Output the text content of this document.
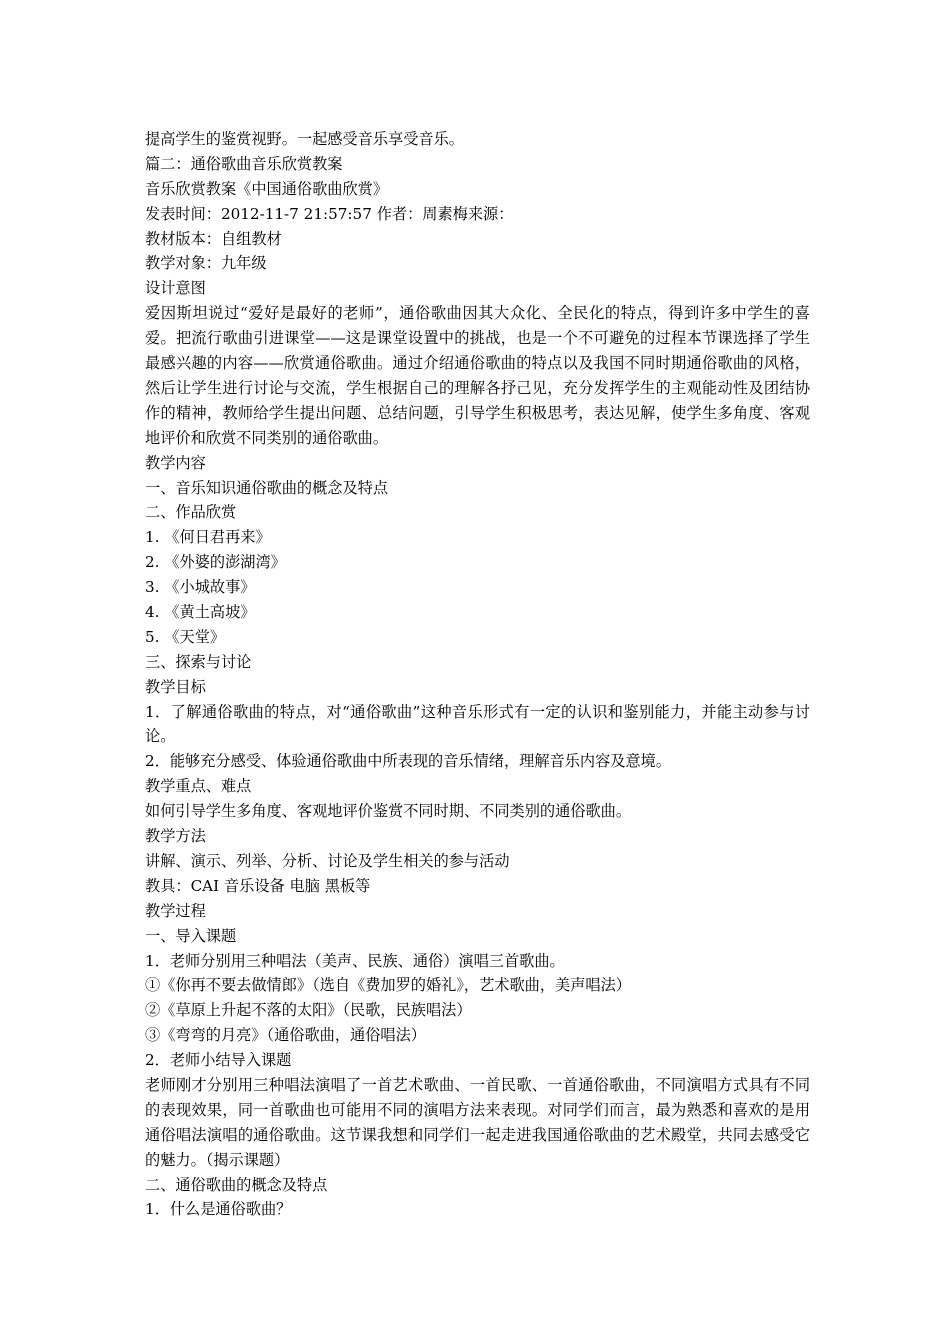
提高学生的鉴赏视野。一起感受音乐享受音乐。
篇二：通俗歌曲音乐欣赏教案
音乐欣赏教案《中国通俗歌曲欣赏》
发表时间：2012-11-7 21:57:57 作者：周素梅来源：
教材版本：自组教材
教学对象：九年级
设计意图
爱因斯坦说过“爱好是最好的老师”，通俗歌曲因其大众化、全民化的特点，得到许多中学生的喜爱。把流行歌曲引进课堂——这是课堂设置中的挑战，也是一个不可避免的过程本节课选择了学生最感兴趣的内容——欣赏通俗歌曲。通过介绍通俗歌曲的特点以及我国不同时期通俗歌曲的风格，然后让学生进行讨论与交流，学生根据自己的理解各抒己见，充分发挥学生的主观能动性及团结协作的精神，教师给学生提出问题、总结问题，引导学生积极思考，表达见解，使学生多角度、客观地评价和欣赏不同类别的通俗歌曲。
教学内容
一、音乐知识通俗歌曲的概念及特点
二、作品欣赏
1. 《何日君再来》
2. 《外婆的澎湖湾》
3. 《小城故事》
4. 《黄土高坡》
5. 《天堂》
三、探索与讨论
教学目标
1．了解通俗歌曲的特点，对“通俗歌曲”这种音乐形式有一定的认识和鉴别能力，并能主动参与讨论。
2．能够充分感受、体验通俗歌曲中所表现的音乐情绪，理解音乐内容及意境。
教学重点、难点
如何引导学生多角度、客观地评价鉴赏不同时期、不同类别的通俗歌曲。
教学方法
讲解、演示、列举、分析、讨论及学生相关的参与活动
教具：CAI 音乐设备 电脑 黑板等
教学过程
一、导入课题
1．老师分别用三种唱法（美声、民族、通俗）演唱三首歌曲。
①《你再不要去做情郎》（选自《费加罗的婚礼》，艺术歌曲，美声唱法）
②《草原上升起不落的太阳》（民歌，民族唱法）
③《弯弯的月亮》（通俗歌曲，通俗唱法）
2．老师小结导入课题
老师刚才分别用三种唱法演唱了一首艺术歌曲、一首民歌、一首通俗歌曲，不同演唱方式具有不同的表现效果，同一首歌曲也可能用不同的演唱方法来表现。对同学们而言，最为熟悉和喜欢的是用通俗唱法演唱的通俗歌曲。这节课我想和同学们一起走进我国通俗歌曲的艺术殿堂，共同去感受它的魅力。（揭示课题）
二、通俗歌曲的概念及特点
1．什么是通俗歌曲？
